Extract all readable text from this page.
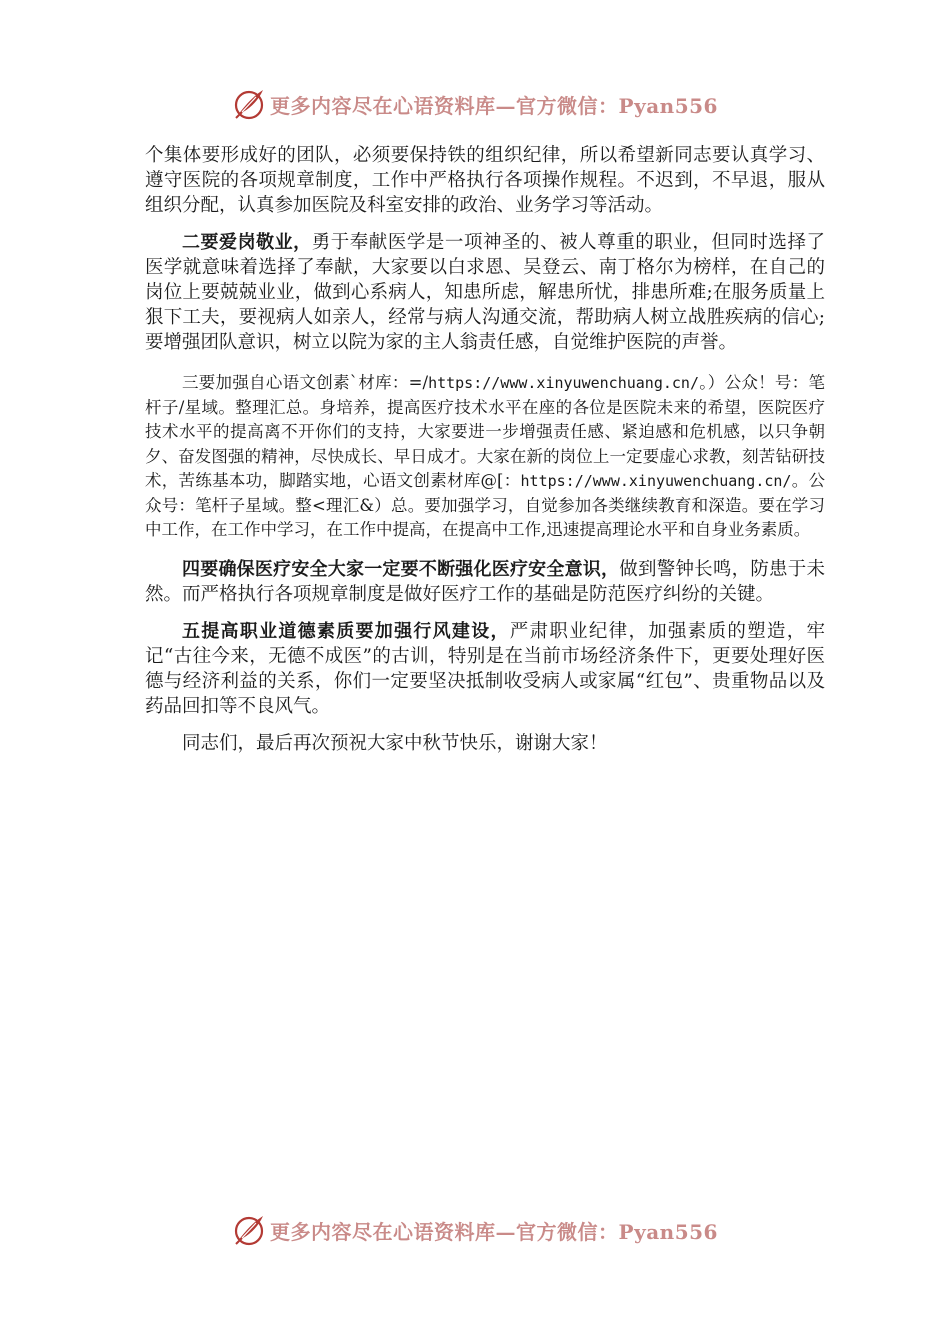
更多内容尽在心语资料库—官方微信：Pyan556

个集体要形成好的团队，必须要保持铁的组织纪律，所以希望新同志要认真学习、遵守医院的各项规章制度，工作中严格执行各项操作规程。不迟到，不早退，服从组织分配，认真参加医院及科室安排的政治、业务学习等活动。

二要爱岗敬业，勇于奉献医学是一项神圣的、被人尊重的职业，但同时选择了医学就意味着选择了奉献，大家要以白求恩、吴登云、南丁格尔为榜样，在自己的岗位上要兢兢业业，做到心系病人，知患所虑，解患所忧，排患所难;在服务质量上狠下工夫，要视病人如亲人，经常与病人沟通交流，帮助病人树立战胜疾病的信心;要增强团队意识，树立以院为家的主人翁责任感，自觉维护医院的声誉。

三要加强自心语文创素`材库：=/https://www.xinyuwenchuang.cn/。）公众！号：笔杆子/星域。整理汇总。身培养，提高医疗技术水平在座的各位是医院未来的希望，医院医疗技术水平的提高离不开你们的支持，大家要进一步增强责任感、紧迫感和危机感，以只争朝夕、奋发图强的精神，尽快成长、早日成才。大家在新的岗位上一定要虚心求教，刻苦钻研技术，苦练基本功，脚踏实地，心语文创素材库@[：https://www.xinyuwenchuang.cn/。公众号：笔杆子星域。整<理汇&）总。要加强学习，自觉参加各类继续教育和深造。要在学习中工作，在工作中学习，在工作中提高，在提高中工作,迅速提高理论水平和自身业务素质。

四要确保医疗安全大家一定要不断强化医疗安全意识，做到警钟长鸣，防患于未然。而严格执行各项规章制度是做好医疗工作的基础是防范医疗纠纷的关键。

五提高职业道德素质要加强行风建设，严肃职业纪律，加强素质的塑造，牢记“古往今来，无德不成医”的古训，特别是在当前市场经济条件下，更要处理好医德与经济利益的关系，你们一定要坚决抵制收受病人或家属“红包”、贵重物品以及药品回扣等不良风气。

同志们，最后再次预祝大家中秋节快乐，谢谢大家！

更多内容尽在心语资料库—官方微信：Pyan556
